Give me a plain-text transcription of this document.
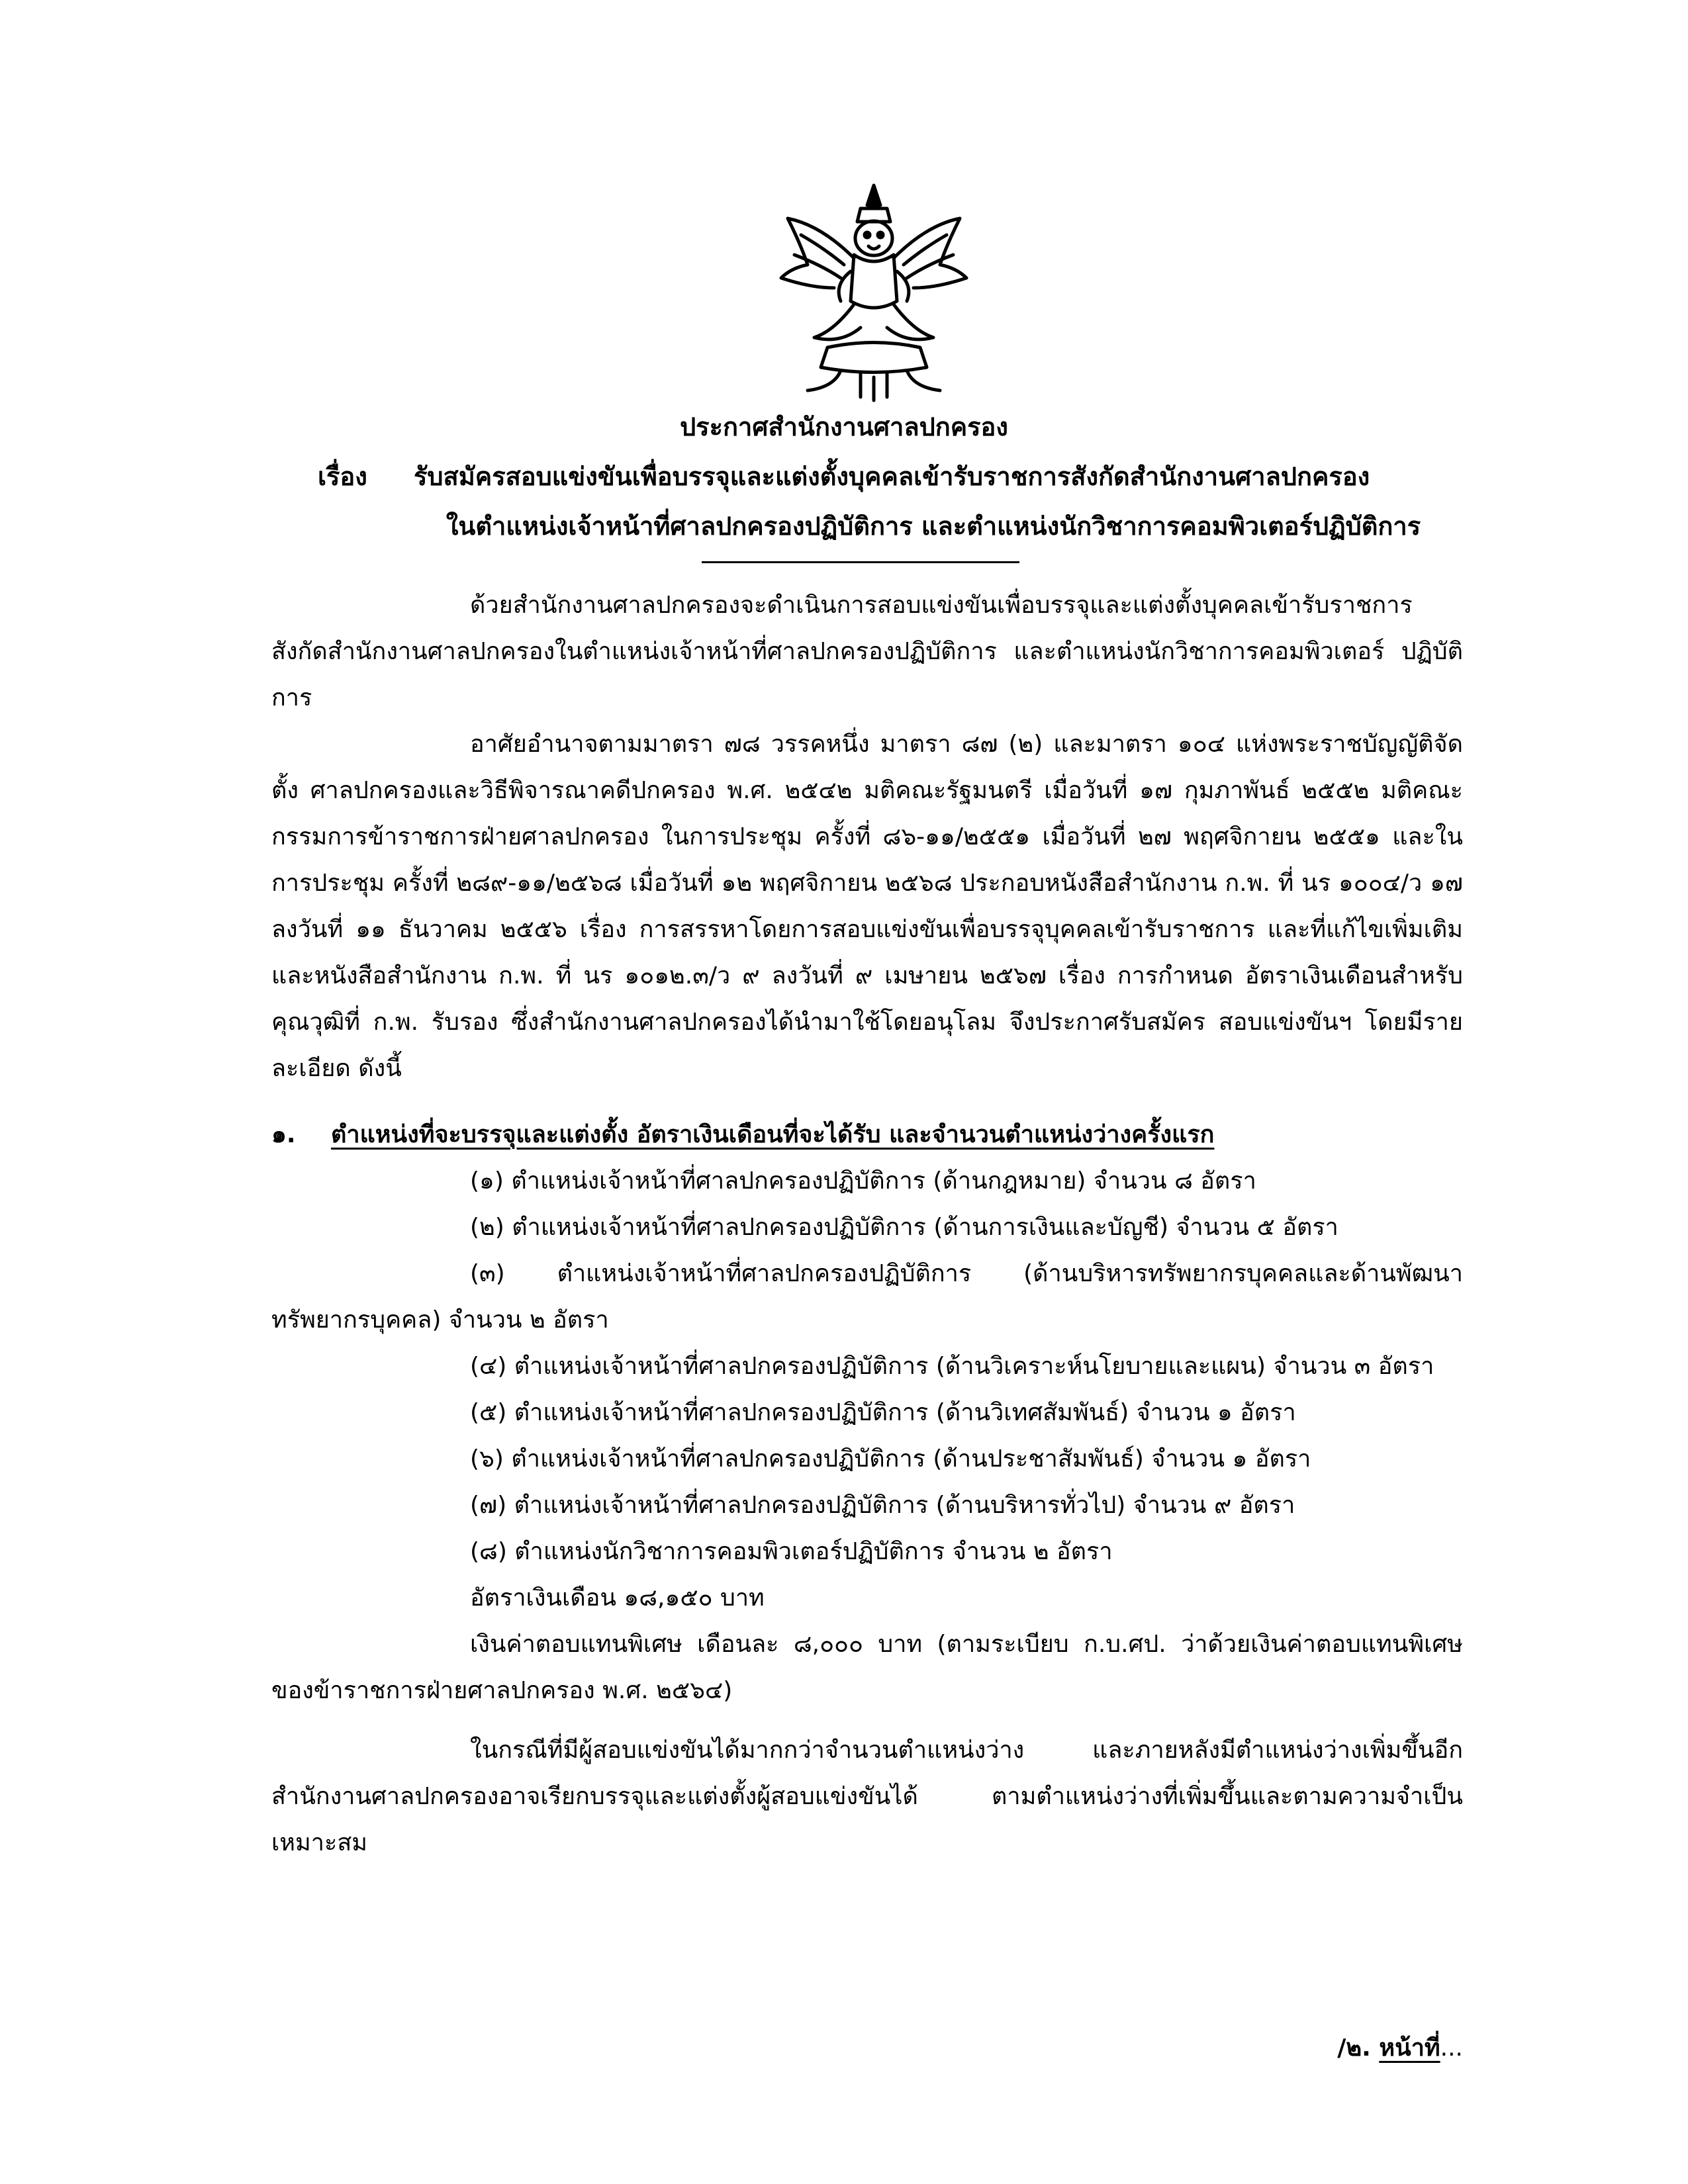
ประกาศสำนักงานศาลปกครอง
เรื่อง รับสมัครสอบแข่งขันเพื่อบรรจุและแต่งตั้งบุคคลเข้ารับราชการสังกัดสำนักงานศาลปกครอง
ในตำแหน่งเจ้าหน้าที่ศาลปกครองปฏิบัติการ และตำแหน่งนักวิชาการคอมพิวเตอร์ปฏิบัติการ
ด้วยสำนักงานศาลปกครองจะดำเนินการสอบแข่งขันเพื่อบรรจุและแต่งตั้งบุคคลเข้ารับราชการ สังกัดสำนักงานศาลปกครองในตำแหน่งเจ้าหน้าที่ศาลปกครองปฏิบัติการ และตำแหน่งนักวิชาการคอมพิวเตอร์ ปฏิบัติการ
อาศัยอำนาจตามมาตรา ๗๘ วรรคหนึ่ง มาตรา ๘๗ (๒) และมาตรา ๑๐๔ แห่งพระราชบัญญัติจัดตั้ง ศาลปกครองและวิธีพิจารณาคดีปกครอง พ.ศ. ๒๕๔๒ มติคณะรัฐมนตรี เมื่อวันที่ ๑๗ กุมภาพันธ์ ๒๕๕๒ มติคณะกรรมการข้าราชการฝ่ายศาลปกครอง ในการประชุม ครั้งที่ ๘๖-๑๑/๒๕๕๑ เมื่อวันที่ ๒๗ พฤศจิกายน ๒๕๕๑ และในการประชุม ครั้งที่ ๒๘๙-๑๑/๒๕๖๘ เมื่อวันที่ ๑๒ พฤศจิกายน ๒๕๖๘ ประกอบหนังสือสำนักงาน ก.พ. ที่ นร ๑๐๐๔/ว ๑๗ ลงวันที่ ๑๑ ธันวาคม ๒๕๕๖ เรื่อง การสรรหาโดยการสอบแข่งขันเพื่อบรรจุบุคคลเข้ารับราชการ และที่แก้ไขเพิ่มเติม และหนังสือสำนักงาน ก.พ. ที่ นร ๑๐๑๒.๓/ว ๙ ลงวันที่ ๙ เมษายน ๒๕๖๗ เรื่อง การกำหนด อัตราเงินเดือนสำหรับคุณวุฒิที่ ก.พ. รับรอง ซึ่งสำนักงานศาลปกครองได้นำมาใช้โดยอนุโลม จึงประกาศรับสมัคร สอบแข่งขันฯ โดยมีรายละเอียด ดังนี้
๑. ตำแหน่งที่จะบรรจุและแต่งตั้ง อัตราเงินเดือนที่จะได้รับ และจำนวนตำแหน่งว่างครั้งแรก
(๑) ตำแหน่งเจ้าหน้าที่ศาลปกครองปฏิบัติการ (ด้านกฎหมาย) จำนวน ๘ อัตรา
(๒) ตำแหน่งเจ้าหน้าที่ศาลปกครองปฏิบัติการ (ด้านการเงินและบัญชี) จำนวน ๕ อัตรา
(๓) ตำแหน่งเจ้าหน้าที่ศาลปกครองปฏิบัติการ (ด้านบริหารทรัพยากรบุคคลและด้านพัฒนา ทรัพยากรบุคคล) จำนวน ๒ อัตรา
(๔) ตำแหน่งเจ้าหน้าที่ศาลปกครองปฏิบัติการ (ด้านวิเคราะห์นโยบายและแผน) จำนวน ๓ อัตรา
(๕) ตำแหน่งเจ้าหน้าที่ศาลปกครองปฏิบัติการ (ด้านวิเทศสัมพันธ์) จำนวน ๑ อัตรา
(๖) ตำแหน่งเจ้าหน้าที่ศาลปกครองปฏิบัติการ (ด้านประชาสัมพันธ์) จำนวน ๑ อัตรา
(๗) ตำแหน่งเจ้าหน้าที่ศาลปกครองปฏิบัติการ (ด้านบริหารทั่วไป) จำนวน ๙ อัตรา
(๘) ตำแหน่งนักวิชาการคอมพิวเตอร์ปฏิบัติการ จำนวน ๒ อัตรา
อัตราเงินเดือน ๑๘,๑๕๐ บาท
เงินค่าตอบแทนพิเศษ เดือนละ ๘,๐๐๐ บาท (ตามระเบียบ ก.บ.ศป. ว่าด้วยเงินค่าตอบแทนพิเศษ ของข้าราชการฝ่ายศาลปกครอง พ.ศ. ๒๕๖๔)
ในกรณีที่มีผู้สอบแข่งขันได้มากกว่าจำนวนตำแหน่งว่าง และภายหลังมีตำแหน่งว่างเพิ่มขึ้นอีก สำนักงานศาลปกครองอาจเรียกบรรจุและแต่งตั้งผู้สอบแข่งขันได้ ตามตำแหน่งว่างที่เพิ่มขึ้นและตามความจำเป็น เหมาะสม
/๒. หน้าที่...
